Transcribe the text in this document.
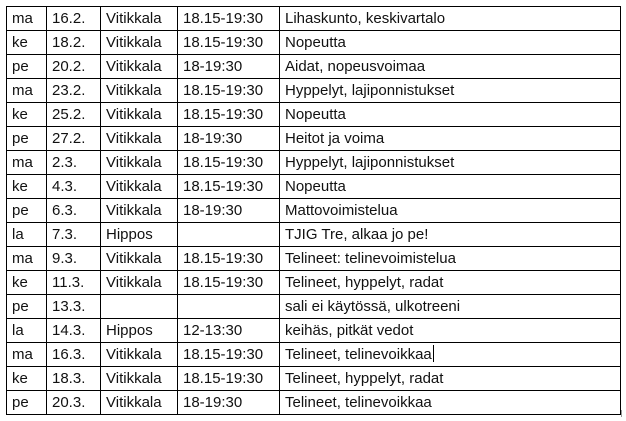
ma	16.2.	Vitikkala	18.15-19:30	Lihaskunto, keskivartalo
ke	18.2.	Vitikkala	18.15-19:30	Nopeutta
pe	20.2.	Vitikkala	18-19:30	Aidat, nopeusvoimaa
ma	23.2.	Vitikkala	18.15-19:30	Hyppelyt, lajiponnistukset
ke	25.2.	Vitikkala	18.15-19:30	Nopeutta
pe	27.2.	Vitikkala	18-19:30	Heitot ja voima
ma	2.3.	Vitikkala	18.15-19:30	Hyppelyt, lajiponnistukset
ke	4.3.	Vitikkala	18.15-19:30	Nopeutta
pe	6.3.	Vitikkala	18-19:30	Mattovoimistelua
la	7.3.	Hippos		TJIG Tre, alkaa jo pe!
ma	9.3.	Vitikkala	18.15-19:30	Telineet: telinevoimistelua
ke	11.3.	Vitikkala	18.15-19:30	Telineet, hyppelyt, radat
pe	13.3.			sali ei käytössä, ulkotreeni
la	14.3.	Hippos	12-13:30	keihäs, pitkät vedot
ma	16.3.	Vitikkala	18.15-19:30	Telineet, telinevoikkaa
ke	18.3.	Vitikkala	18.15-19:30	Telineet, hyppelyt, radat
pe	20.3.	Vitikkala	18-19:30	Telineet, telinevoikkaa
